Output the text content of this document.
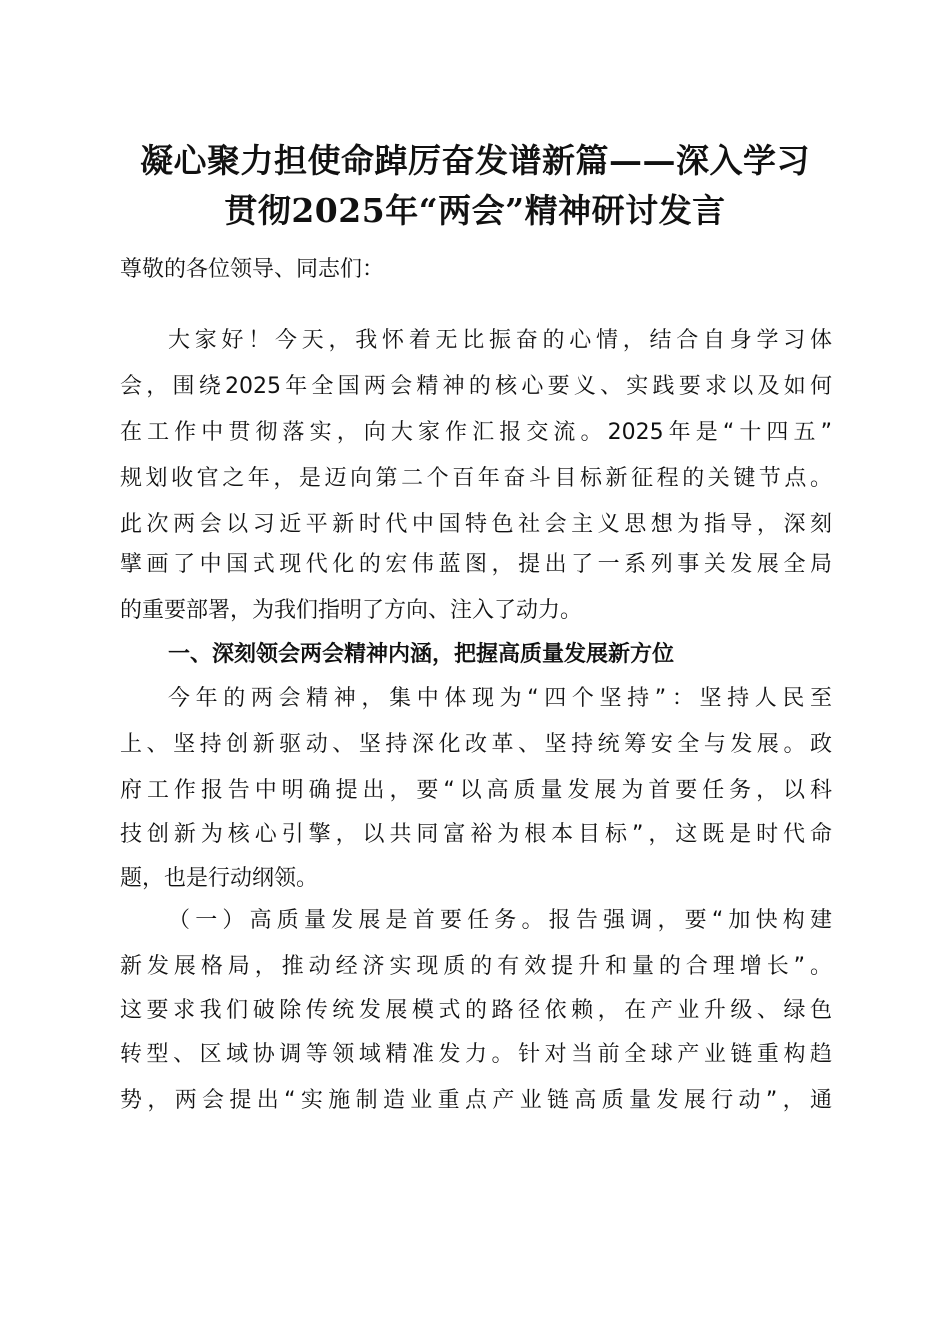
凝心聚力担使命踔厉奋发谱新篇——深入学习
贯彻2025年“两会”精神研讨发言
尊敬的各位领导、同志们：
大家好！今天，我怀着无比振奋的心情，结合自身学习体
会，围绕2025年全国两会精神的核心要义、实践要求以及如何
在工作中贯彻落实，向大家作汇报交流。2025年是“十四五”
规划收官之年，是迈向第二个百年奋斗目标新征程的关键节点。
此次两会以习近平新时代中国特色社会主义思想为指导，深刻
擘画了中国式现代化的宏伟蓝图，提出了一系列事关发展全局
的重要部署，为我们指明了方向、注入了动力。
一、深刻领会两会精神内涵，把握高质量发展新方位
今年的两会精神，集中体现为“四个坚持”：坚持人民至
上、坚持创新驱动、坚持深化改革、坚持统筹安全与发展。政
府工作报告中明确提出，要“以高质量发展为首要任务，以科
技创新为核心引擎，以共同富裕为根本目标”，这既是时代命
题，也是行动纲领。
（一）高质量发展是首要任务。报告强调，要“加快构建
新发展格局，推动经济实现质的有效提升和量的合理增长”。
这要求我们破除传统发展模式的路径依赖，在产业升级、绿色
转型、区域协调等领域精准发力。针对当前全球产业链重构趋
势，两会提出“实施制造业重点产业链高质量发展行动”，通
